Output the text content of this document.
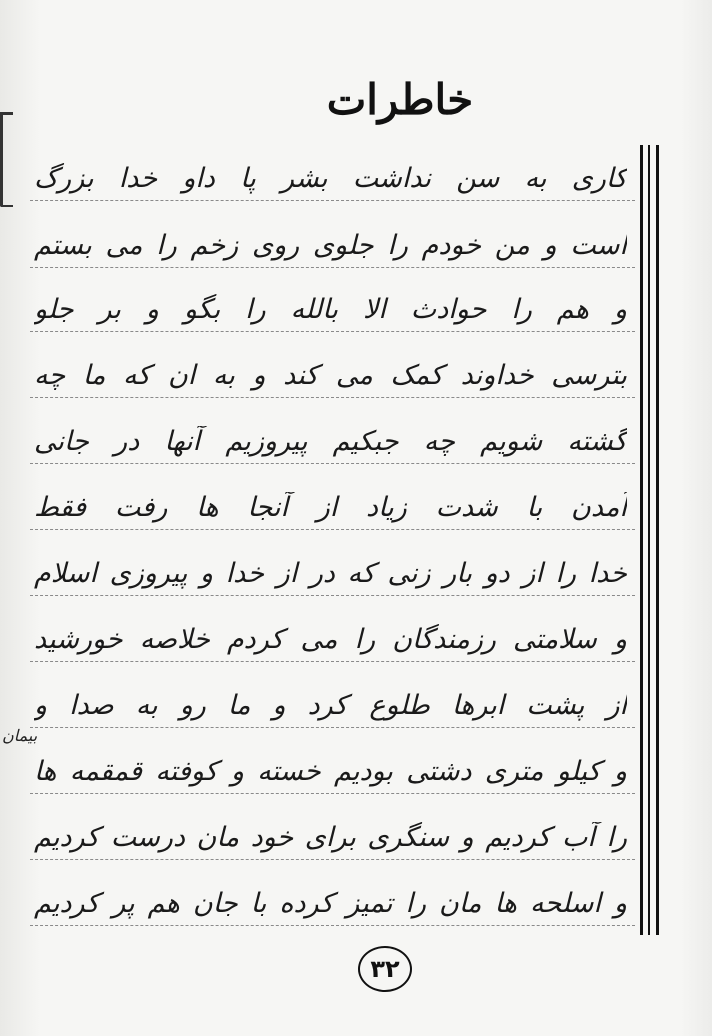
خاطرات
کاری به سن نداشت بشر پا داوِ خدا بزرگ
است و من خودم را جلوی روی زخم را می بستم
و هم را حوادث الا بالله را بگو و بر جلو
بترسی خداوند کمک می کند و به ان که ما چه
گشته شویم چه جبکیم پیروزیم آنها در جانی
آمدن با شدت زیاد از آنجا ها رفت فقط
خدا را از دو بار زنی که در از خدا و پیروزی اسلام
و سلامتی رزمندگان را می کردم خلاصه خورشید
از پشت ابرها طلوع کرد و ما رو به صدا و
و کیلو متری دشتی بودیم خسته و کوفته قمقمه ها
را آب کردیم و سنگری برای خود مان درست کردیم
و اسلحه ها مان را تمیز کرده با جان هم پر کردیم
بیمان
۳۲
